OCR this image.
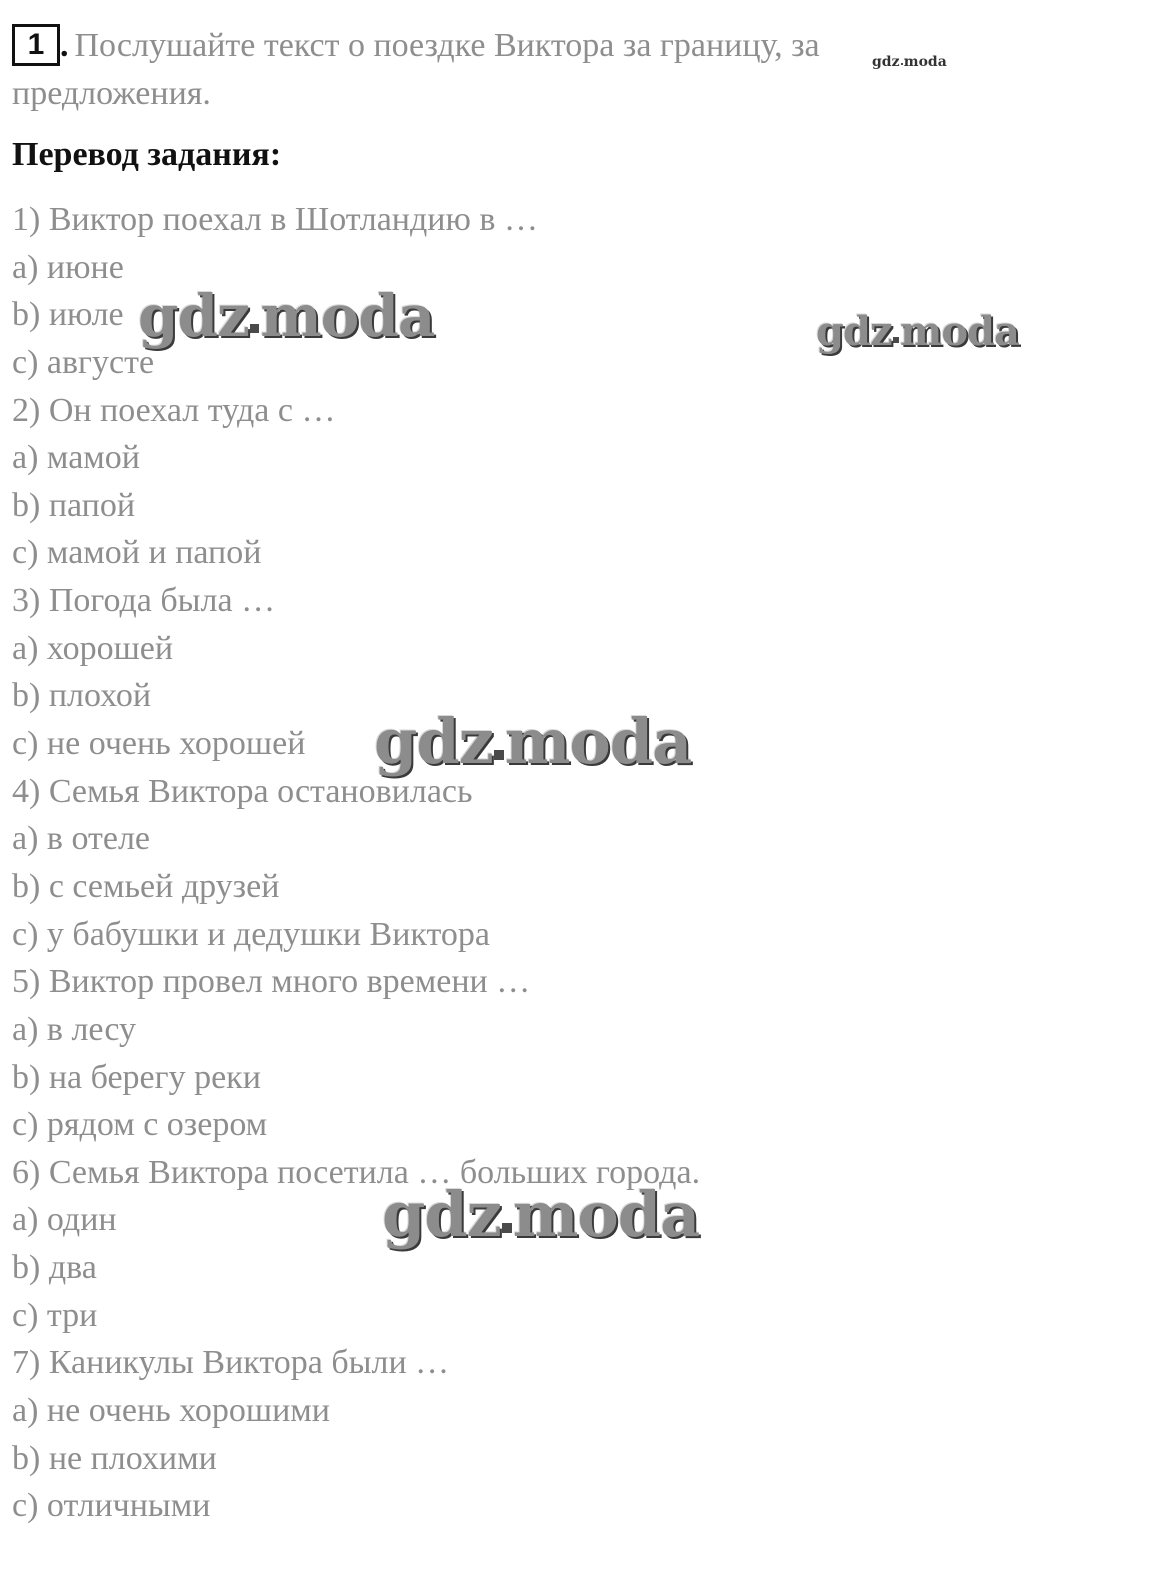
1 . Послушайте текст о поездке Виктора за границу, за
предложения.
Перевод задания:
1) Виктор поехал в Шотландию в …
a) июне
b) июле
c) августе
2) Он поехал туда с …
a) мамой
b) папой
c) мамой и папой
3) Погода была …
a) хорошей
b) плохой
c) не очень хорошей
4) Семья Виктора остановилась
a) в отеле
b) с семьей друзей
c) у бабушки и дедушки Виктора
5) Виктор провел много времени …
a) в лесу
b) на берегу реки
c) рядом с озером
6) Семья Виктора посетила … больших города.
a) один
b) два
c) три
7) Каникулы Виктора были …
a) не очень хорошими
b) не плохими
c) отличными
gdz moda
gdz moda	gdz moda
gdz moda
gdz moda
